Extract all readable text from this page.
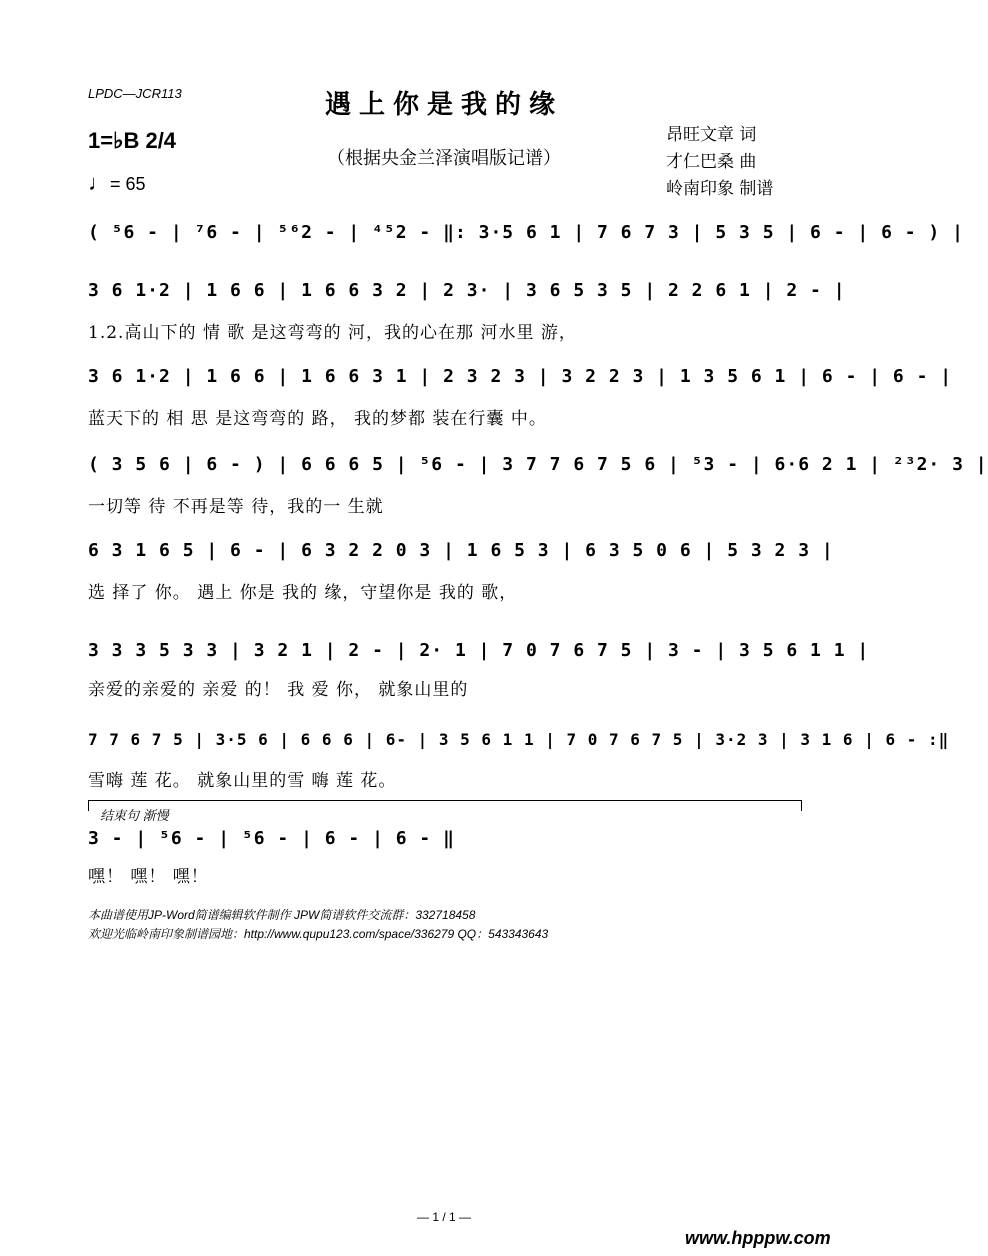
LPDC—JCR113	遇上你是我的缘
（根据央金兰泽演唱版记谱）
昂旺文章 词
才仁巴桑 曲
岭南印象 制谱
1=♭B 2/4
♩= 65
( ⁵6 - | ⁷6 - | ⁵⁶2 - | ⁴⁵2 - ‖: 3·5 6 1 | 7 6 7 3 | 5 3 5 | 6 - | 6 - ) |
3 6 1·2 | 1 6 6 | 1 6 6 3 2 | 2 3· | 3 6 5 3 5 | 2 2 6 1 | 2 - |
1.2.高山下的 情 歌 是这弯弯的 河，我的心在那 河水里 游，
3 6 1·2 | 1 6 6 | 1 6 6 3 1 | 2 3 2 3 | 3 2 2 3 | 1 3 5 6 1 | 6 - | 6 - |
蓝天下的 相 思 是这弯弯的 路， 我的梦都 装在行囊 中。
( 3 5 6 | 6 - ) | 6 6 6 5 | ⁵6 - | 3 7 7 6 7 5 6 | ⁵3 - | 6·6 2 1 | ²³2· 3 |
一切等 待 不再是等 待，我的一 生就
6 3 1 6 5 | 6 - | 6 3 2 2 0 3 | 1 6 5 3 | 6 3 5 0 6 | 5 3 2 3 |
选 择了 你。 遇上 你是 我的 缘，守望你是 我的 歌，
3 3 3 5 3 3 | 3 2 1 | 2 - | 2· 1 | 7 0 7 6 7 5 | 3 - | 3 5 6 1 1 |
亲爱的亲爱的 亲爱 的！ 我 爱 你， 就象山里的
7 7 6 7 5 | 3·5 6 | 6 6 6 | 6- | 3 5 6 1 1 | 7 0 7 6 7 5 | 3·2 3 | 3 1 6 | 6 - :‖
雪嗨 莲 花。 就象山里的雪 嗨 莲 花。
结束句 渐慢
3 - | ⁵6 - | ⁵6 - | 6 - | 6 - ‖
嘿！ 嘿！ 嘿！
本曲谱使用JP-Word简谱编辑软件制作 JPW简谱软件交流群：332718458
欢迎光临岭南印象制谱园地：http://www.qupu123.com/space/336279 QQ：543343643
— 1 / 1 —
www.hpppw.com
